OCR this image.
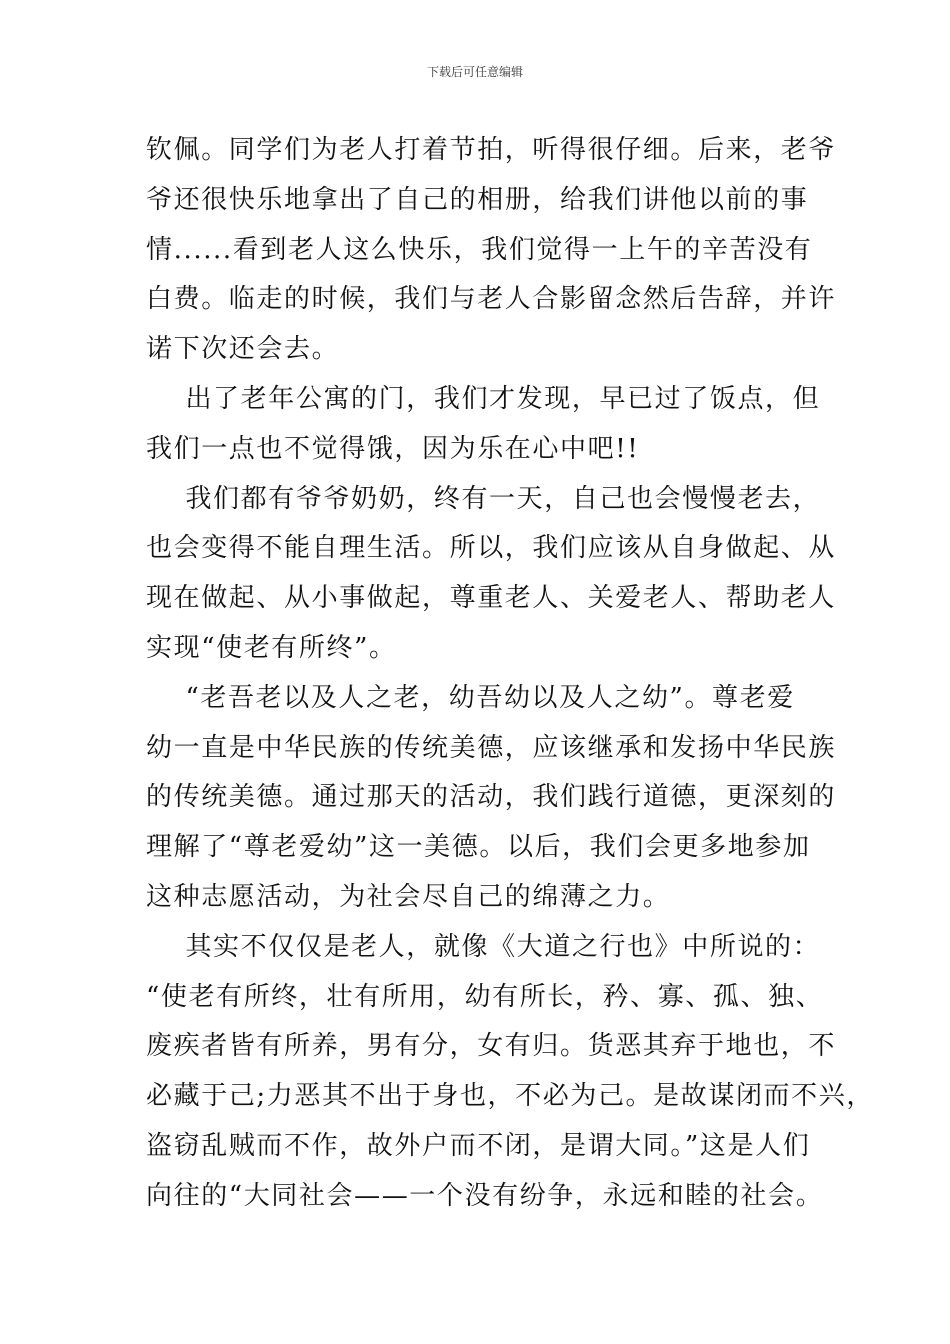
下载后可任意编辑
钦佩。同学们为老人打着节拍，听得很仔细。后来，老爷
爷还很快乐地拿出了自己的相册，给我们讲他以前的事
情......看到老人这么快乐，我们觉得一上午的辛苦没有
白费。临走的时候，我们与老人合影留念然后告辞，并许
诺下次还会去。
出了老年公寓的门，我们才发现，早已过了饭点，但
我们一点也不觉得饿，因为乐在心中吧!!
我们都有爷爷奶奶，终有一天，自己也会慢慢老去，
也会变得不能自理生活。所以，我们应该从自身做起、从
现在做起、从小事做起，尊重老人、关爱老人、帮助老人
实现“使老有所终”。
“老吾老以及人之老，幼吾幼以及人之幼”。尊老爱
幼一直是中华民族的传统美德，应该继承和发扬中华民族
的传统美德。通过那天的活动，我们践行道德，更深刻的
理解了“尊老爱幼”这一美德。以后，我们会更多地参加
这种志愿活动，为社会尽自己的绵薄之力。
其实不仅仅是老人，就像《大道之行也》中所说的：
“使老有所终，壮有所用，幼有所长，矜、寡、孤、独、
废疾者皆有所养，男有分，女有归。货恶其弃于地也，不
必藏于己;力恶其不出于身也，不必为己。是故谋闭而不兴，
盗窃乱贼而不作，故外户而不闭，是谓大同。”这是人们
向往的“大同社会——一个没有纷争，永远和睦的社会。
